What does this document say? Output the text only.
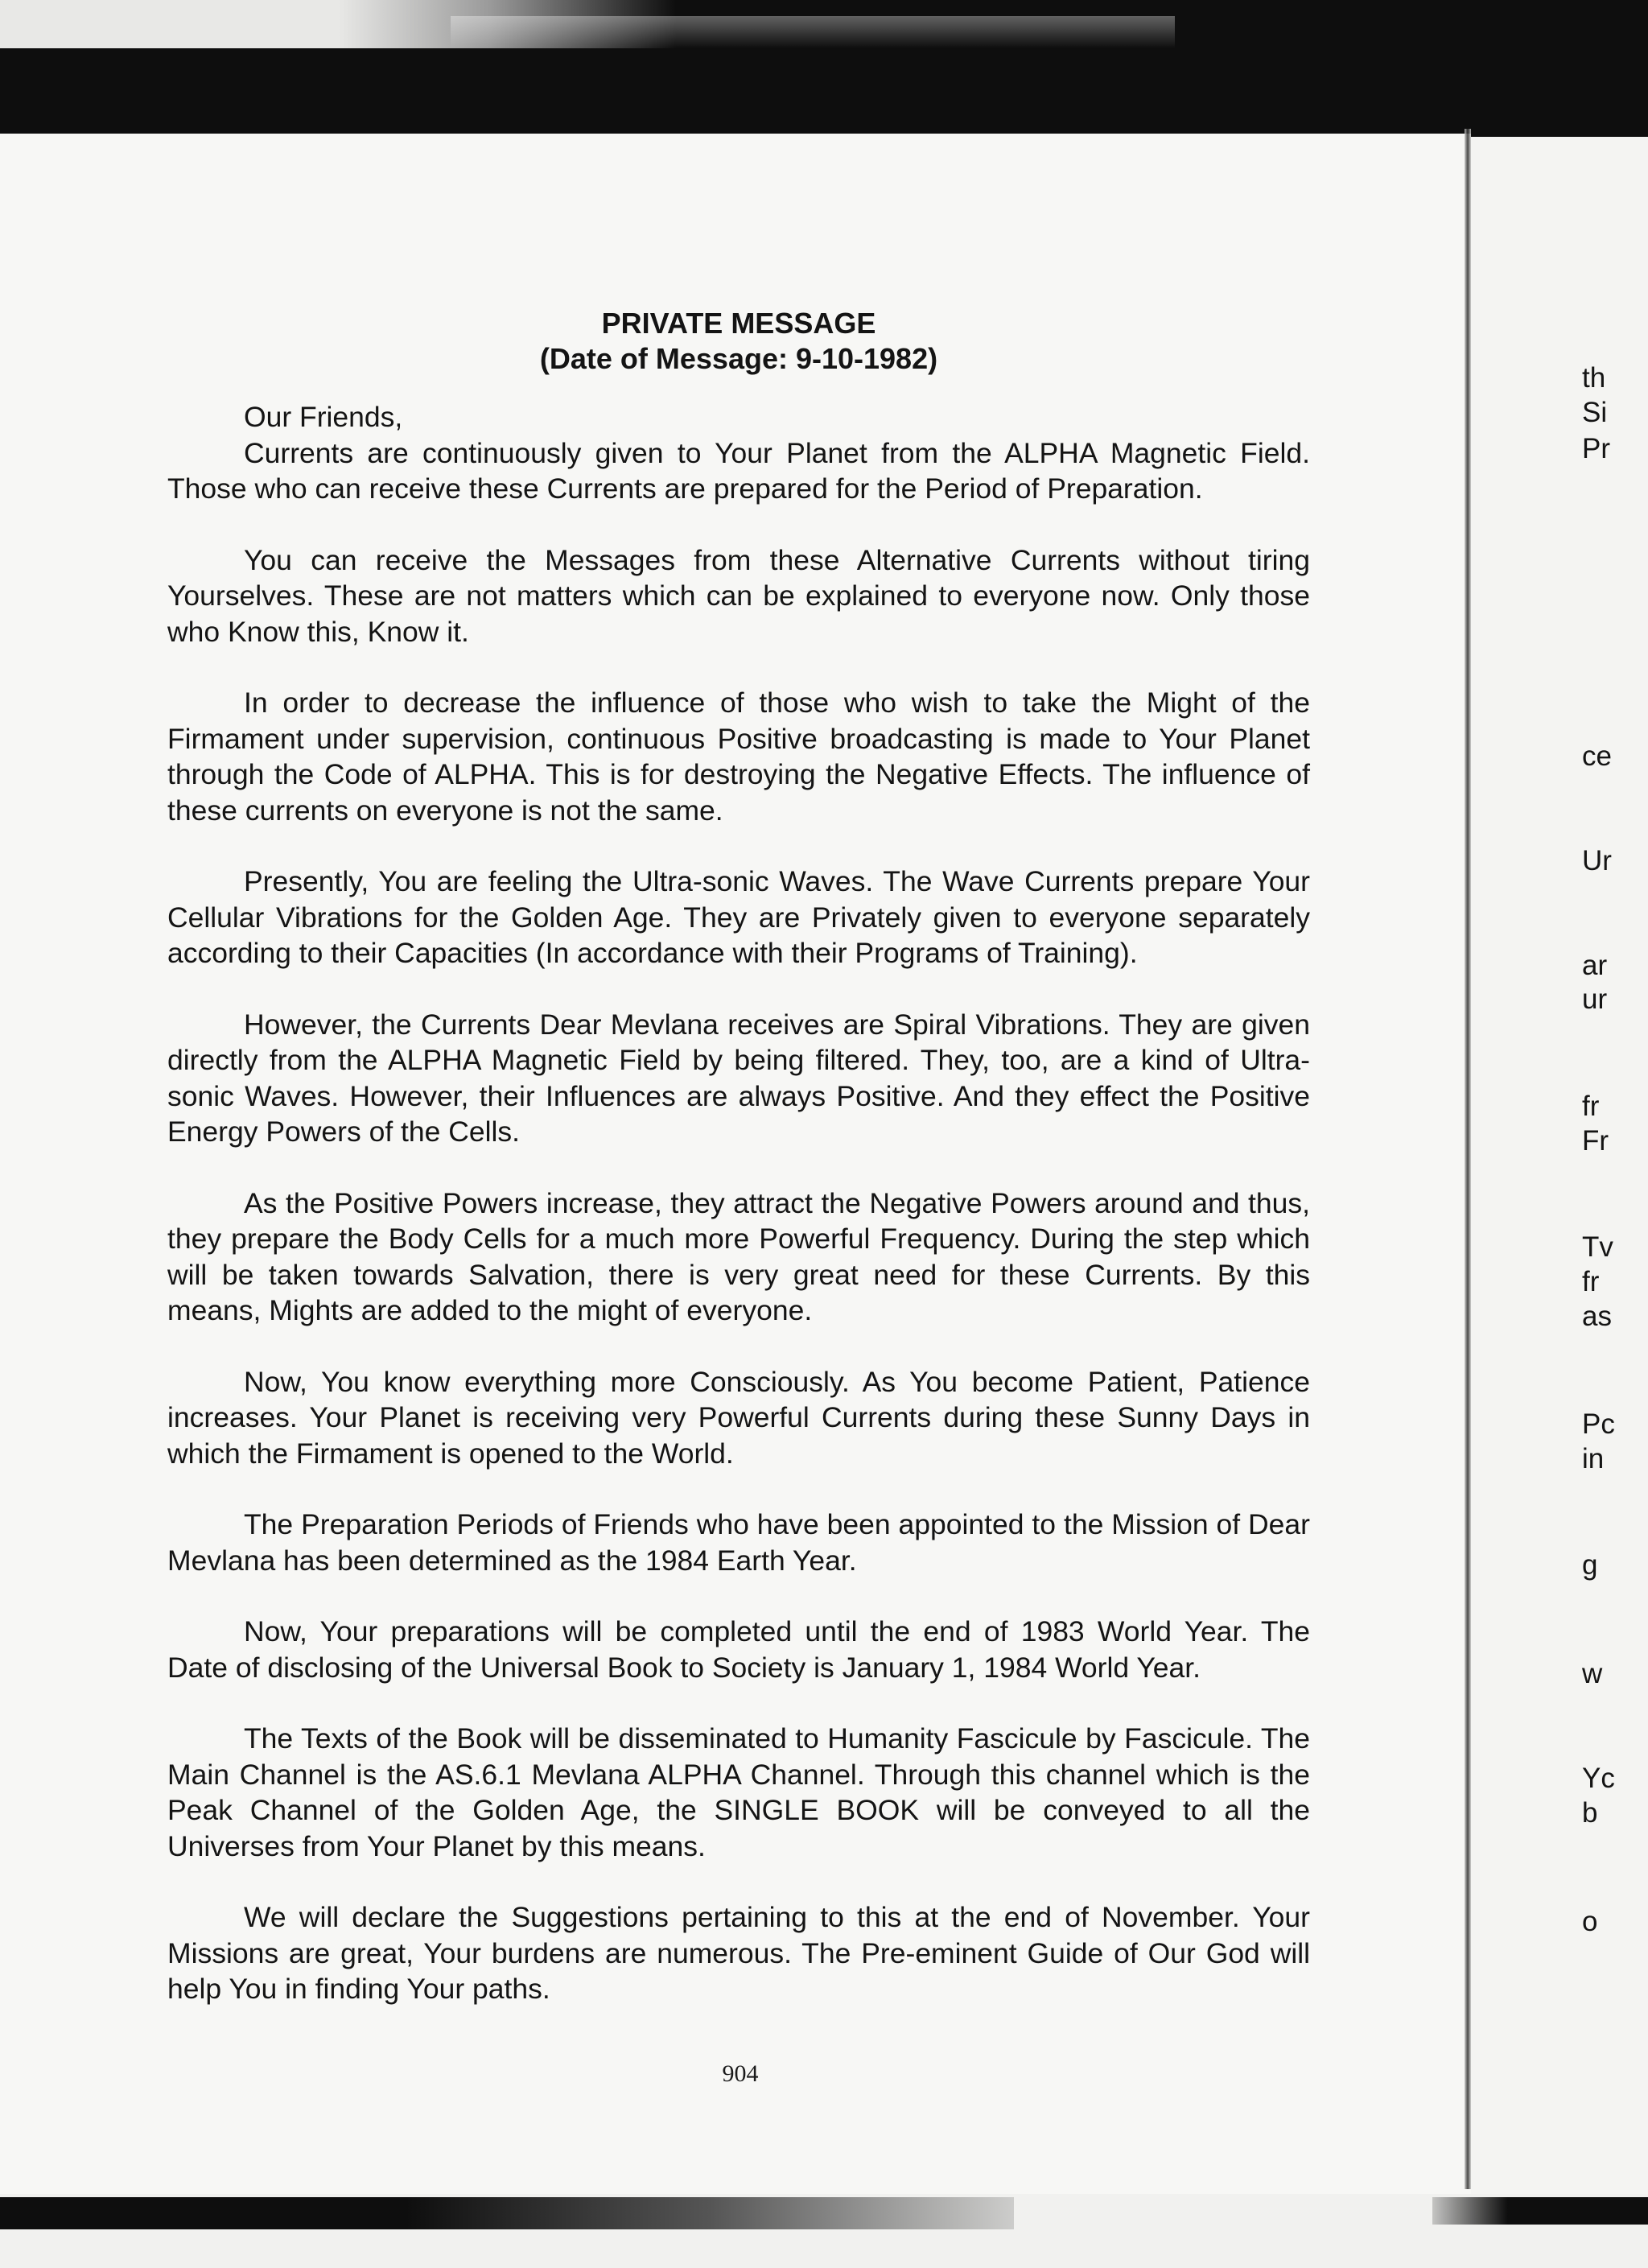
PRIVATE MESSAGE

(Date of Message: 9-10-1982)

Our Friends,

Currents are continuously given to Your Planet from the ALPHA Magnetic Field. Those who can receive these Currents are prepared for the Period of Preparation.

You can receive the Messages from these Alternative Currents without tiring Yourselves. These are not matters which can be explained to everyone now. Only those who Know this, Know it.

In order to decrease the influence of those who wish to take the Might of the Firmament under supervision, continuous Positive broadcasting is made to Your Planet through the Code of ALPHA. This is for destroying the Negative Effects. The influence of these currents on everyone is not the same.

Presently, You are feeling the Ultra-sonic Waves. The Wave Currents prepare Your Cellular Vibrations for the Golden Age. They are Privately given to everyone separately according to their Capacities (In accordance with their Programs of Training).

However, the Currents Dear Mevlana receives are Spiral Vibrations. They are given directly from the ALPHA Magnetic Field by being filtered. They, too, are a kind of Ultra-sonic Waves. However, their Influences are always Positive. And they effect the Positive Energy Powers of the Cells.

As the Positive Powers increase, they attract the Negative Powers around and thus, they prepare the Body Cells for a much more Powerful Frequency. During the step which will be taken towards Salvation, there is very great need for these Currents. By this means, Mights are added to the might of everyone.

Now, You know everything more Consciously. As You become Patient, Patience increases. Your Planet is receiving very Powerful Currents during these Sunny Days in which the Firmament is opened to the World.

The Preparation Periods of Friends who have been appointed to the Mission of Dear Mevlana has been determined as the 1984 Earth Year.

Now, Your preparations will be completed until the end of 1983 World Year. The Date of disclosing of the Universal Book to Society is January 1, 1984 World Year.

The Texts of the Book will be disseminated to Humanity Fascicule by Fascicule. The Main Channel is the AS.6.1 Mevlana ALPHA Channel. Through this channel which is the Peak Channel of the Golden Age, the SINGLE BOOK will be conveyed to all the Universes from Your Planet by this means.

We will declare the Suggestions pertaining to this at the end of November. Your Missions are great, Your burdens are numerous. The Pre-eminent Guide of Our God will help You in finding Your paths.

904
th
Si
Pr
ce
Ur
ar
ur
fr
Fr
Tv
fr
as
Pc
in
g
w
Yc
b
o
